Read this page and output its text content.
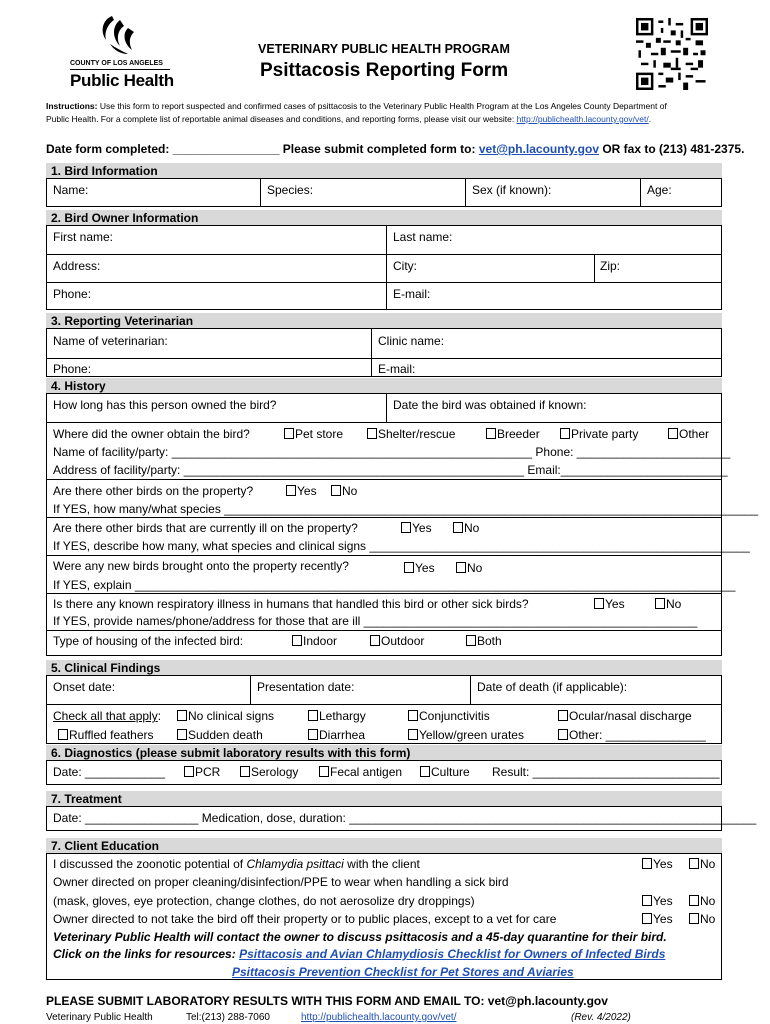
COUNTY OF LOS ANGELES
Public Health
VETERINARY PUBLIC HEALTH PROGRAM
Psittacosis Reporting Form
Instructions: Use this form to report suspected and confirmed cases of psittacosis to the Veterinary Public Health Program at the Los Angeles County Department of
Public Health. For a complete list of reportable animal diseases and conditions, and reporting forms, please visit our website: http://publichealth.lacounty.gov/vet/.
Date form completed: ________________ Please submit completed form to: vet@ph.lacounty.gov OR fax to (213) 481-2375.
1. Bird Information
Name:	Species:	Sex (if known):	Age:
2. Bird Owner Information
First name:	Last name:
Address:	City:	Zip:
Phone:	E-mail:
3. Reporting Veterinarian
Name of veterinarian:	Clinic name:
Phone:	E-mail:
4. History
How long has this person owned the bird?	Date the bird was obtained if known:
Where did the owner obtain the bird?	Pet store	Shelter/rescue	Breeder	Private party	Other
Name of facility/party: ______________________________________________________ Phone: _______________________
Address of facility/party: ___________________________________________________ Email:_________________________
Are there other birds on the property?	Yes	No
If YES, how many/what species ________________________________________________________________________________
Are there other birds that are currently ill on the property?	Yes	No
If YES, describe how many, what species and clinical signs _________________________________________________________
Were any new birds brought onto the property recently?	Yes	No
If YES, explain __________________________________________________________________________________________
Is there any known respiratory illness in humans that handled this bird or other sick birds?	Yes	No
If YES, provide names/phone/address for those that are ill __________________________________________________
Type of housing of the infected bird:	Indoor	Outdoor	Both
5. Clinical Findings
Onset date:	Presentation date:	Date of death (if applicable):
Check all that apply:	No clinical signs	Lethargy	Conjunctivitis	Ocular/nasal discharge
Ruffled feathers	Sudden death	Diarrhea	Yellow/green urates	Other: _______________
6. Diagnostics (please submit laboratory results with this form)
Date: ____________	PCR	Serology	Fecal antigen	Culture Result: ____________________________
7. Treatment
Date: _________________ Medication, dose, duration: _____________________________________________________________
7. Client Education
I discussed the zoonotic potential of Chlamydia psittaci with the client	Yes	No
Owner directed on proper cleaning/disinfection/PPE to wear when handling a sick bird
(mask, gloves, eye protection, change clothes, do not aerosolize dry droppings)	Yes	No
Owner directed to not take the bird off their property or to public places, except to a vet for care	Yes	No
Veterinary Public Health will contact the owner to discuss psittacosis and a 45-day quarantine for their bird.
Click on the links for resources: Psittacosis and Avian Chlamydiosis Checklist for Owners of Infected Birds
Psittacosis Prevention Checklist for Pet Stores and Aviaries
PLEASE SUBMIT LABORATORY RESULTS WITH THIS FORM AND EMAIL TO: vet@ph.lacounty.gov
Veterinary Public Health	Tel:(213) 288-7060	http://publichealth.lacounty.gov/vet/	(Rev. 4/2022)
